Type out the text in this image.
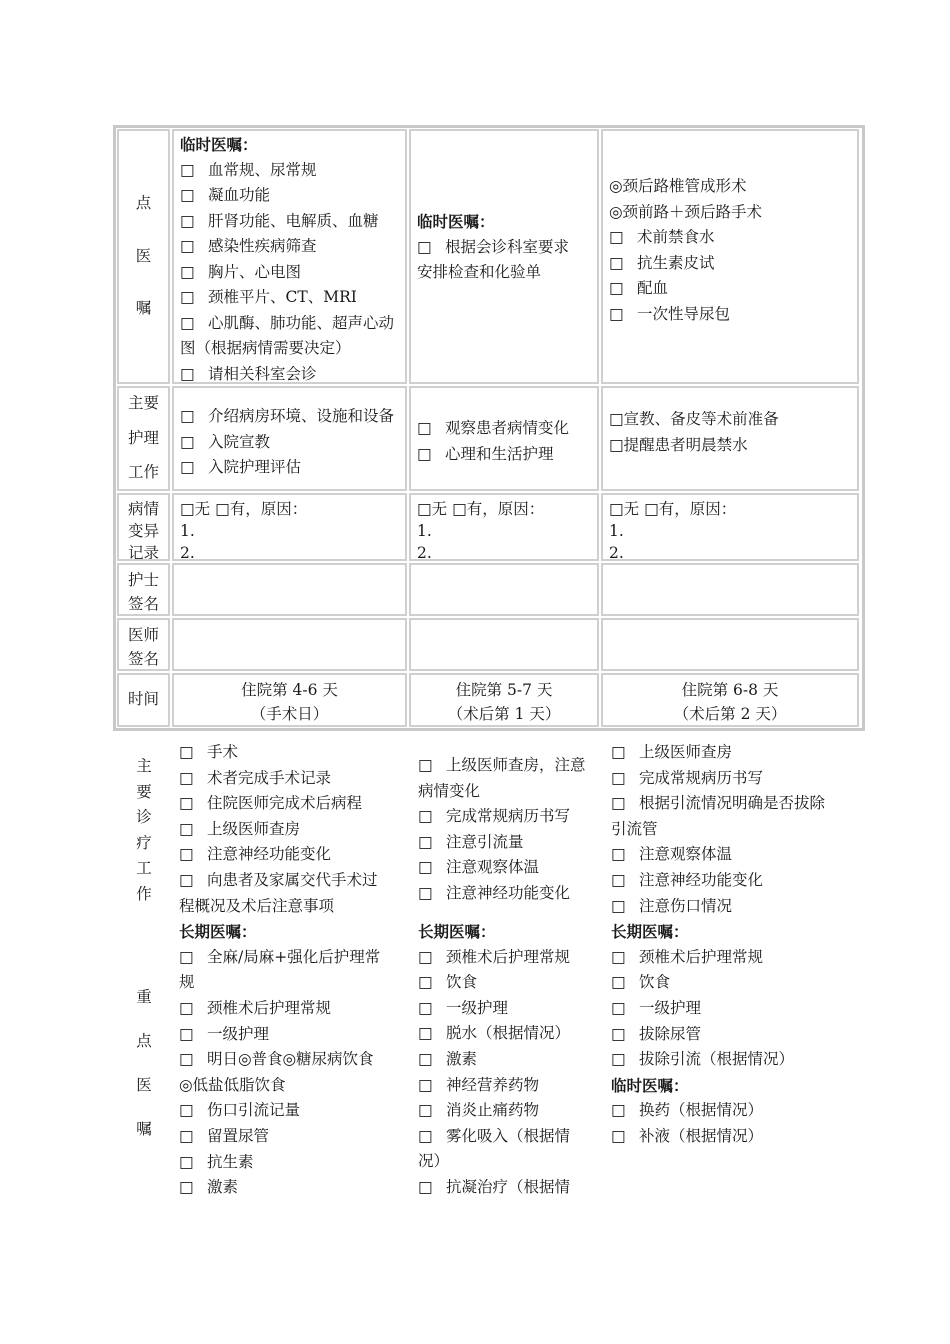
点
医
嘱
临时医嘱：
□ 血常规、尿常规
□ 凝血功能
□ 肝肾功能、电解质、血糖
□ 感染性疾病筛查
□ 胸片、心电图
□ 颈椎平片、CT、MRI
□ 心肌酶、肺功能、超声心动
图（根据病情需要决定）
□ 请相关科室会诊
临时医嘱：
□ 根据会诊科室要求
安排检查和化验单
◎颈后路椎管成形术
◎颈前路＋颈后路手术
□ 术前禁食水
□ 抗生素皮试
□ 配血
□ 一次性导尿包
主要
护理
工作
□ 介绍病房环境、设施和设备
□ 入院宣教
□ 入院护理评估
□ 观察患者病情变化
□ 心理和生活护理
□宣教、备皮等术前准备
□提醒患者明晨禁水
病情
变异
记录
□无 □有，原因：
1.
2.
□无 □有，原因：
1.
2.
□无 □有，原因：
1.
2.
护士
签名
医师
签名
时间
住院第 4-6 天
（手术日）
住院第 5-7 天
（术后第 1 天）
住院第 6-8 天
（术后第 2 天）
主
要
诊
疗
工
作
重
点
医
嘱
□ 手术
□ 术者完成手术记录
□ 住院医师完成术后病程
□ 上级医师查房
□ 注意神经功能变化
□ 向患者及家属交代手术过
程概况及术后注意事项
长期医嘱：
□ 全麻/局麻+强化后护理常
规
□ 颈椎术后护理常规
□ 一级护理
□ 明日◎普食◎糖尿病饮食
◎低盐低脂饮食
□ 伤口引流记量
□ 留置尿管
□ 抗生素
□ 激素
□ 上级医师查房，注意
病情变化
□ 完成常规病历书写
□ 注意引流量
□ 注意观察体温
□ 注意神经功能变化
长期医嘱：
□ 颈椎术后护理常规
□ 饮食
□ 一级护理
□ 脱水（根据情况）
□ 激素
□ 神经营养药物
□ 消炎止痛药物
□ 雾化吸入（根据情
况）
□ 抗凝治疗（根据情
□ 上级医师查房
□ 完成常规病历书写
□ 根据引流情况明确是否拔除
引流管
□ 注意观察体温
□ 注意神经功能变化
□ 注意伤口情况
长期医嘱：
□ 颈椎术后护理常规
□ 饮食
□ 一级护理
□ 拔除尿管
□ 拔除引流（根据情况）
临时医嘱：
□ 换药（根据情况）
□ 补液（根据情况）
